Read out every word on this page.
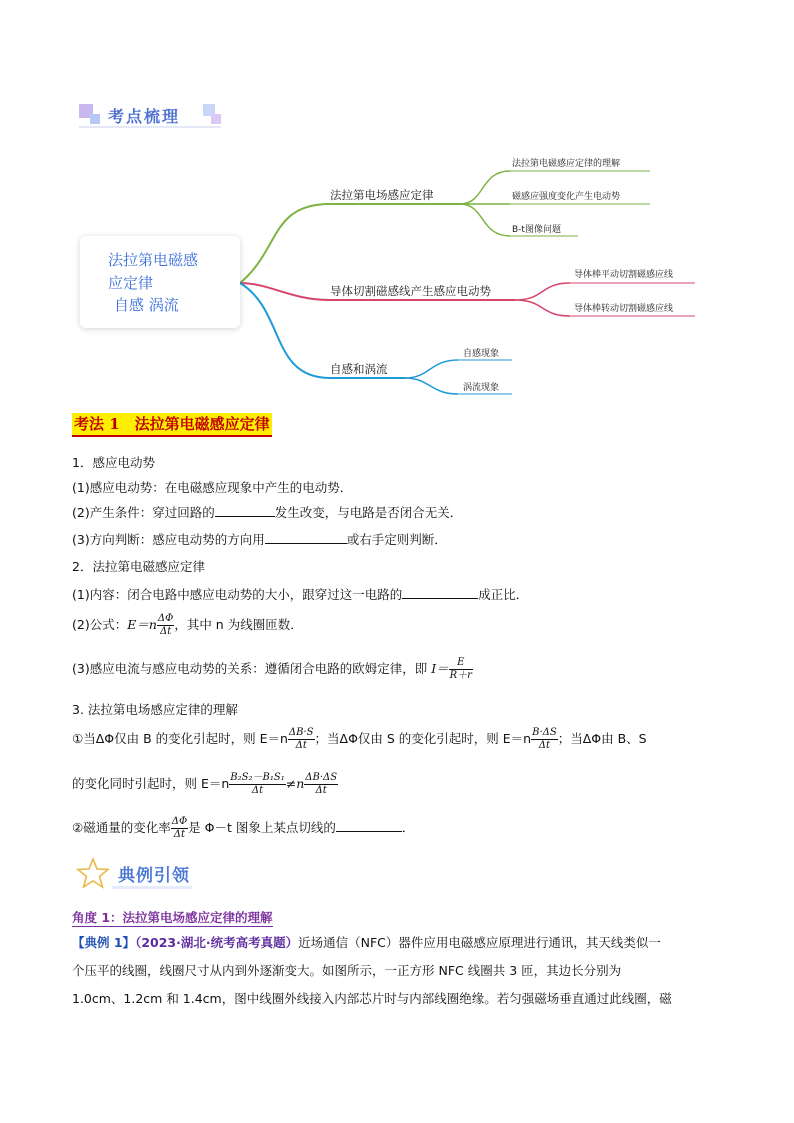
考点梳理
法拉第电磁感
应定律
自感 涡流
法拉第电场感应定律
法拉第电磁感应定律的理解
磁感应强度变化产生电动势
B-t图像问题
导体切割磁感线产生感应电动势
导体棒平动切割磁感应线
导体棒转动切割磁感应线
自感和涡流
自感现象
涡流现象
考法 1　法拉第电磁感应定律
1．感应电动势
(1)感应电动势：在电磁感应现象中产生的电动势．
(2)产生条件：穿过回路的	发生改变，与电路是否闭合无关．
(3)方向判断：感应电动势的方向用	或右手定则判断．
2．法拉第电磁感应定律
(1)内容：闭合电路中感应电动势的大小，跟穿过这一电路的	成正比．
(2)公式：$E=n \frac{\Delta\Phi}{\Delta t}$ ，其中 n 为线圈匝数．
(3)感应电流与感应电动势的关系：遵循闭合电路的欧姆定律，即 $I= \frac{E}{R+r}$
3. 法拉第电场感应定律的理解
①当ΔΦ仅由 B 的变化引起时，则 $E=n \frac{\Delta B\cdot S}{\Delta t}$ ；当ΔΦ仅由 S 的变化引起时，则 $E=n \frac{B\cdot\Delta S}{\Delta t}$ ；当ΔΦ由 B、S
的变化同时引起时，则 $E=n \frac{\text{B₂S₂－B₁S₁}}{\Delta t} \ne n \frac{\Delta B\cdot\Delta S}{\Delta t}$
②磁通量的变化率 $\frac{\Delta\Phi}{\Delta t}$ 是 Φ－t 图象上某点切线的	．
典例引领
角度 1：法拉第电场感应定律的理解
【典例 1】（2023·湖北·统考高考真题）近场通信（NFC）器件应用电磁感应原理进行通讯，其天线类似一
个压平的线圈，线圈尺寸从内到外逐渐变大。如图所示，一正方形 NFC 线圈共 3 匝，其边长分别为
1.0cm、1.2cm 和 1.4cm，图中线圈外线接入内部芯片时与内部线圈绝缘。若匀强磁场垂直通过此线圈，磁
